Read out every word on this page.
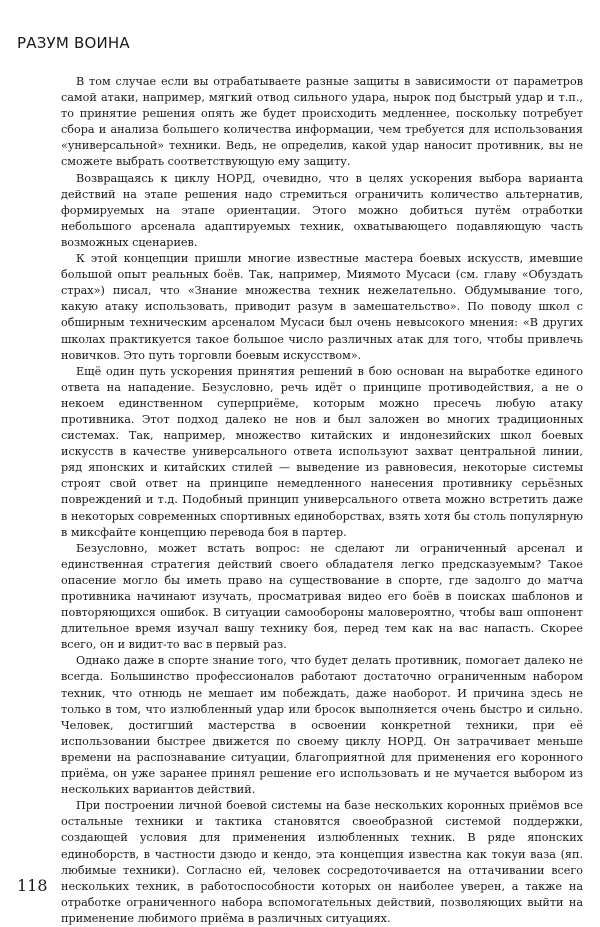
РАЗУМ ВОИНА

В том случае если вы отрабатываете разные защиты в зависимости от параметров самой атаки, например, мягкий отвод сильного удара, нырок под быстрый удар и т.п., то принятие решения опять же будет происходить медленнее, поскольку потребует сбора и анализа большего количества информации, чем требуется для использования «универсальной» техники. Ведь, не определив, какой удар наносит противник, вы не сможете выбрать соответствующую ему защиту.

Возвращаясь к циклу НОРД, очевидно, что в целях ускорения выбора варианта действий на этапе решения надо стремиться ограничить количество альтернатив, формируемых на этапе ориентации. Этого можно добиться путём отработки небольшого арсенала адаптируемых техник, охватывающего подавляющую часть возможных сценариев.

К этой концепции пришли многие известные мастера боевых искусств, имевшие большой опыт реальных боёв. Так, например, Миямото Мусаси (см. главу «Обуздать страх») писал, что «Знание множества техник нежелательно. Обдумывание того, какую атаку использовать, приводит разум в замешательство». По поводу школ с обширным техническим арсеналом Мусаси был очень невысокого мнения: «В других школах практикуется такое большое число различных атак для того, чтобы привлечь новичков. Это путь торговли боевым искусством».

Ещё один путь ускорения принятия решений в бою основан на выработке единого ответа на нападение. Безусловно, речь идёт о принципе противодействия, а не о некоем единственном суперприёме, которым можно пресечь любую атаку противника. Этот подход далеко не нов и был заложен во многих традиционных системах. Так, например, множество китайских и индонезийских школ боевых искусств в качестве универсального ответа используют захват центральной линии, ряд японских и китайских стилей — выведение из равновесия, некоторые системы строят свой ответ на принципе немедленного нанесения противнику серьёзных повреждений и т.д. Подобный принцип универсального ответа можно встретить даже в некоторых современных спортивных единоборствах, взять хотя бы столь популярную в миксфайте концепцию перевода боя в партер.

Безусловно, может встать вопрос: не сделают ли ограниченный арсенал и единственная стратегия действий своего обладателя легко предсказуемым? Такое опасение могло бы иметь право на существование в спорте, где задолго до матча противника начинают изучать, просматривая видео его боёв в поисках шаблонов и повторяющихся ошибок. В ситуации самообороны маловероятно, чтобы ваш оппонент длительное время изучал вашу технику боя, перед тем как на вас напасть. Скорее всего, он и видит-то вас в первый раз.

Однако даже в спорте знание того, что будет делать противник, помогает далеко не всегда. Большинство профессионалов работают достаточно ограниченным набором техник, что отнюдь не мешает им побеждать, даже наоборот. И причина здесь не только в том, что излюбленный удар или бросок выполняется очень быстро и сильно. Человек, достигший мастерства в освоении конкретной техники, при её использовании быстрее движется по своему циклу НОРД. Он затрачивает меньше времени на распознавание ситуации, благоприятной для применения его коронного приёма, он уже заранее принял решение его использовать и не мучается выбором из нескольких вариантов действий.

При построении личной боевой системы на базе нескольких коронных приёмов все остальные техники и тактика становятся своеобразной системой поддержки, создающей условия для применения излюбленных техник. В ряде японских единоборств, в частности дзюдо и кендо, эта концепция известна как токуи ваза (яп. любимые техники). Согласно ей, человек сосредоточивается на оттачивании всего нескольких техник, в работоспособности которых он наиболее уверен, а также на отработке ограниченного набора вспомогательных действий, позволяющих выйти на применение любимого приёма в различных ситуациях.

118
